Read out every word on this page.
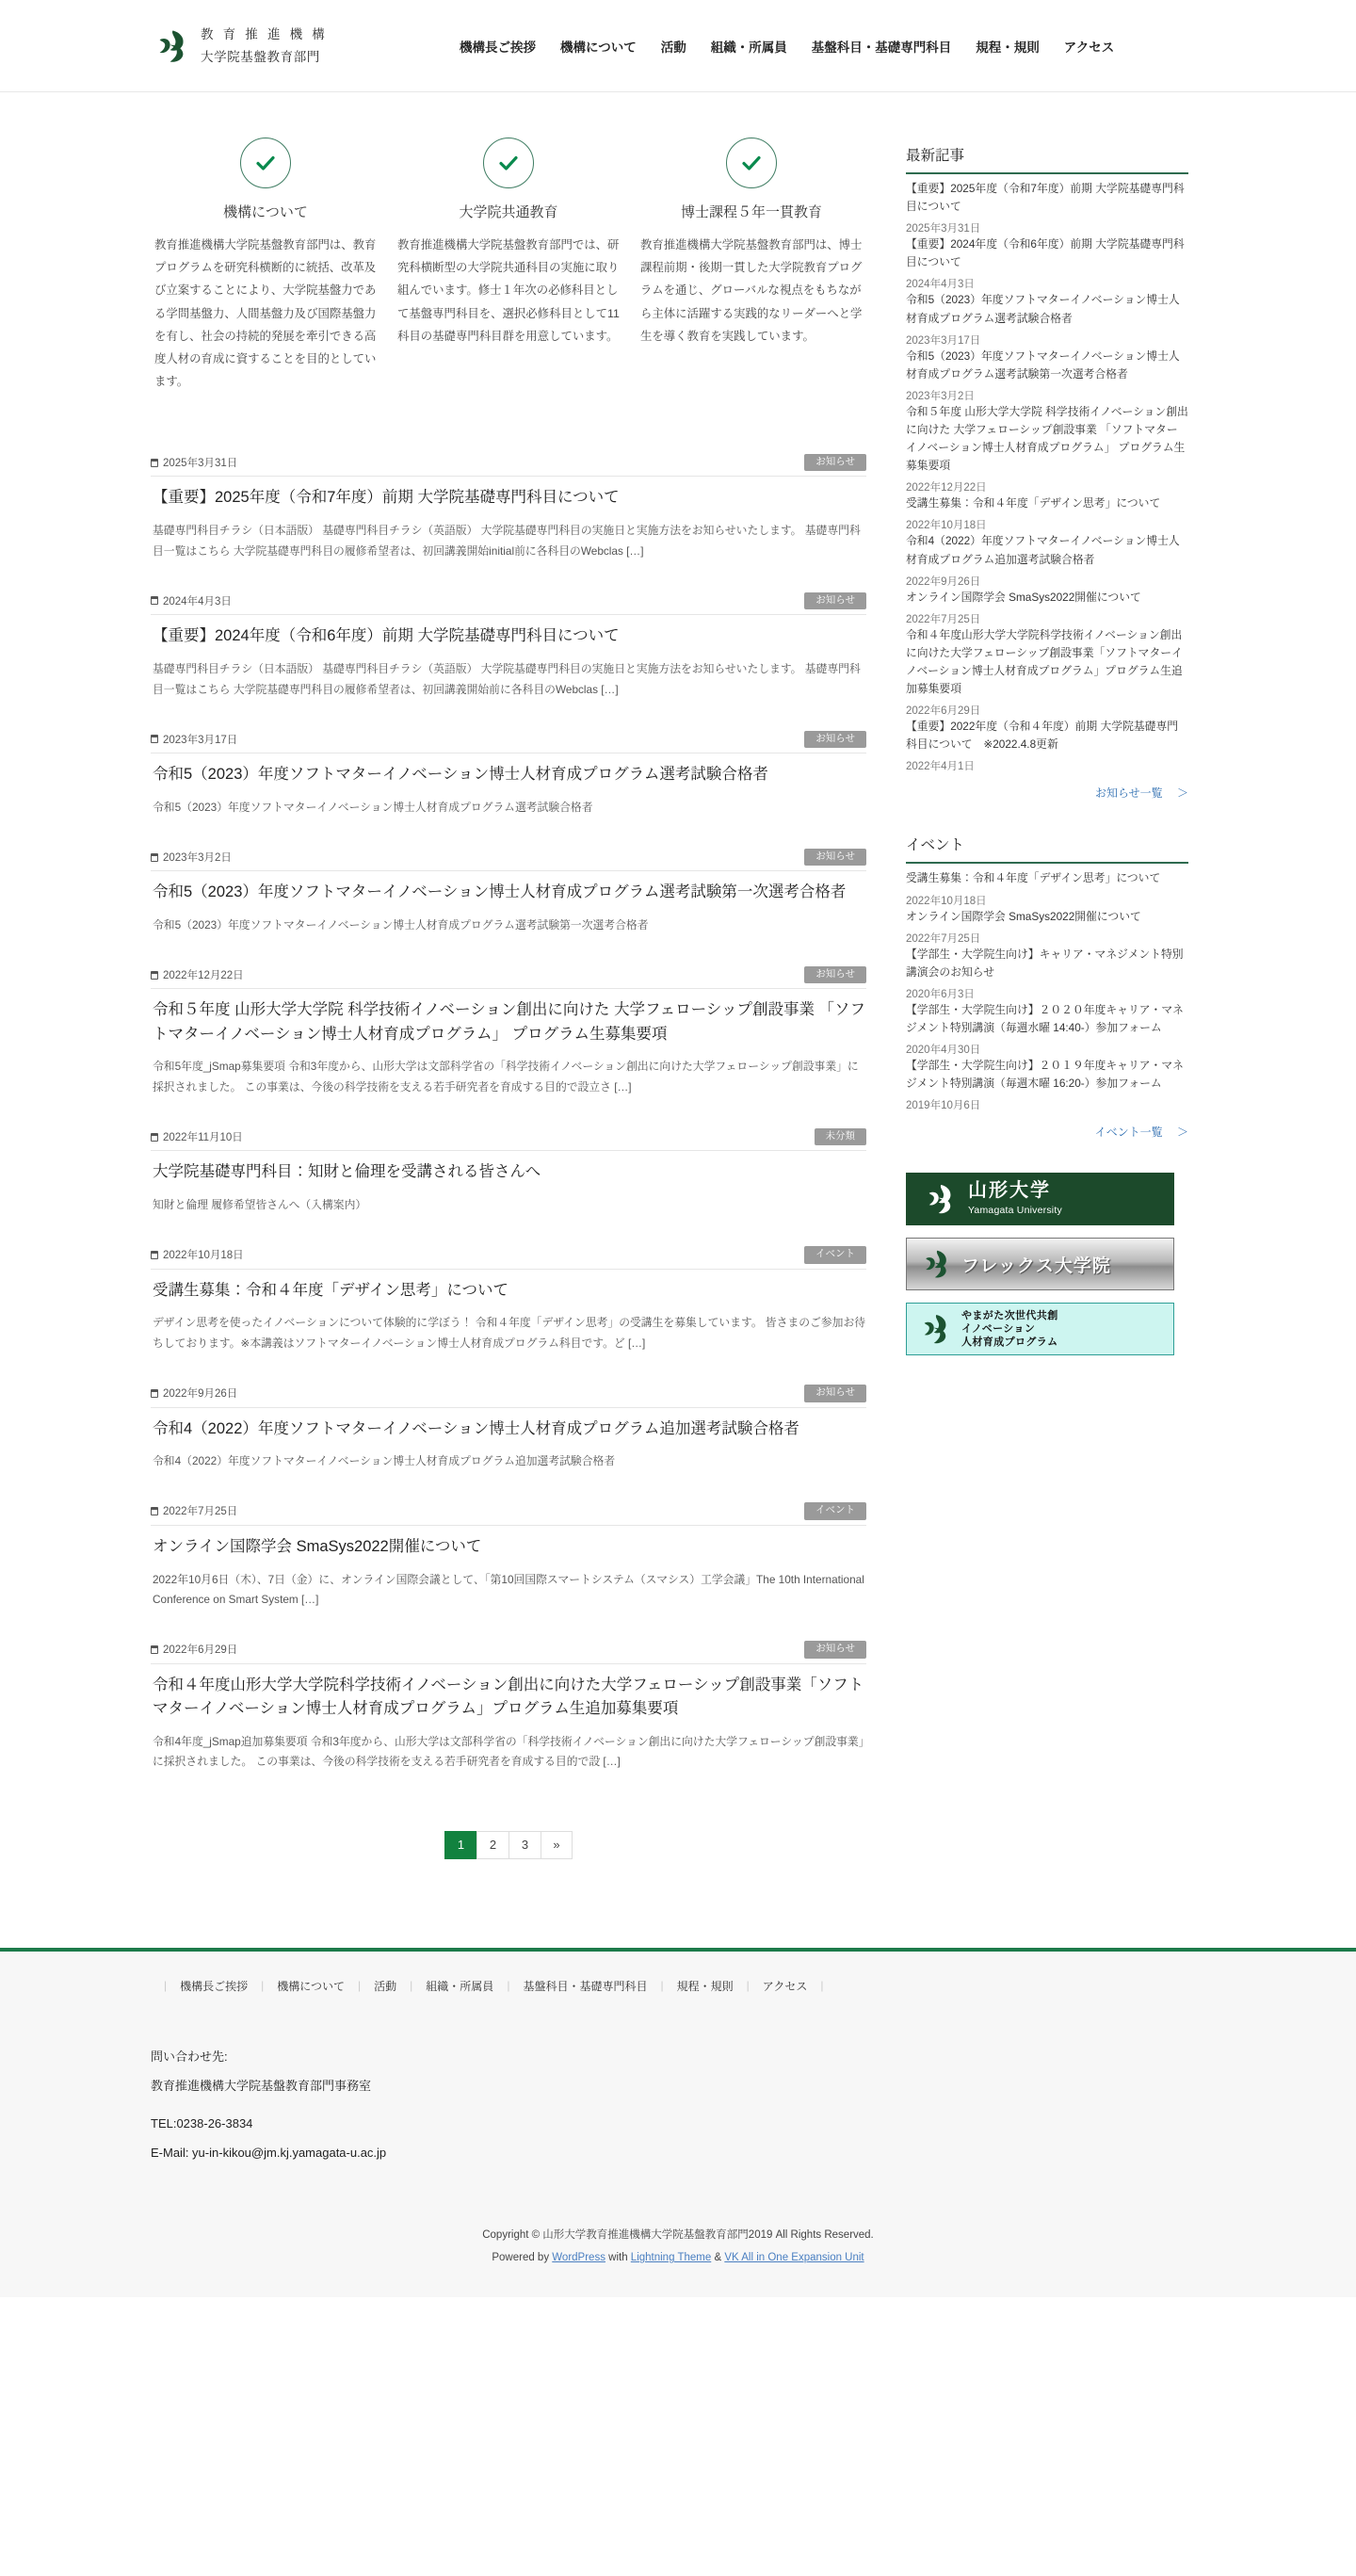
教 育 推 進 機 構
大学院基盤教育部門
機構長ご挨拶 機構について 活動 組織・所属員 基盤科目・基礎専門科目 規程・規則 アクセス
機構について

教育推進機構大学院基盤教育部門は、教育プログラムを研究科横断的に統括、改革及び立案することにより、大学院基盤力である学問基盤力、人間基盤力及び国際基盤力を有し、社会の持続的発展を牽引できる高度人材の育成に資することを目的としています。

大学院共通教育

教育推進機構大学院基盤教育部門では、研究科横断型の大学院共通科目の実施に取り組んでいます。修士１年次の必修科目として基盤専門科目を、選択必修科目として11科目の基礎専門科目群を用意しています。

博士課程５年一貫教育

教育推進機構大学院基盤教育部門は、博士課程前期・後期一貫した大学院教育プログラムを通じ、グローバルな視点をもちながら主体に活躍する実践的なリーダーへと学生を導く教育を実践しています。

2025年3月31日	お知らせ
【重要】2025年度（令和7年度）前期 大学院基礎専門科目について

基礎専門科目チラシ（日本語版） 基礎専門科目チラシ（英語版） 大学院基礎専門科目の実施日と実施方法をお知らせいたします。 基礎専門科目一覧はこちら 大学院基礎専門科目の履修希望者は、初回講義開始initial前に各科目のWebclas […]

2024年4月3日	お知らせ
【重要】2024年度（令和6年度）前期 大学院基礎専門科目について

基礎専門科目チラシ（日本語版） 基礎専門科目チラシ（英語版） 大学院基礎専門科目の実施日と実施方法をお知らせいたします。 基礎専門科目一覧はこちら 大学院基礎専門科目の履修希望者は、初回講義開始前に各科目のWebclas […]

2023年3月17日	お知らせ
令和5（2023）年度ソフトマターイノベーション博士人材育成プログラム選考試験合格者

令和5（2023）年度ソフトマターイノベーション博士人材育成プログラム選考試験合格者

2023年3月2日	お知らせ
令和5（2023）年度ソフトマターイノベーション博士人材育成プログラム選考試験第一次選考合格者

令和5（2023）年度ソフトマターイノベーション博士人材育成プログラム選考試験第一次選考合格者

2022年12月22日	お知らせ
令和５年度 山形大学大学院 科学技術イノベーション創出に向けた 大学フェローシップ創設事業 「ソフトマターイノベーション博士人材育成プログラム」 プログラム生募集要項

令和5年度_jSmap募集要項 令和3年度から、山形大学は文部科学省の「科学技術イノベーション創出に向けた大学フェローシップ創設事業」に採択されました。 この事業は、今後の科学技術を支える若手研究者を育成する目的で設立さ […]

2022年11月10日	未分類
大学院基礎専門科目：知財と倫理を受講される皆さんへ

知財と倫理 履修希望皆さんへ（入構案内）

2022年10月18日	イベント
受講生募集：令和４年度「デザイン思考」について

デザイン思考を使ったイノベーションについて体験的に学ぼう！ 令和４年度「デザイン思考」の受講生を募集しています。 皆さまのご参加お待ちしております。※本講義はソフトマターイノベーション博士人材育成プログラム科目です。ど […]

2022年9月26日	お知らせ
令和4（2022）年度ソフトマターイノベーション博士人材育成プログラム追加選考試験合格者

令和4（2022）年度ソフトマターイノベーション博士人材育成プログラム追加選考試験合格者

2022年7月25日	イベント
オンライン国際学会 SmaSys2022開催について

2022年10月6日（木）、7日（金）に、オンライン国際会議として、「第10回国際スマートシステム（スマシス）工学会議」The 10th International Conference on Smart System […]

2022年6月29日	お知らせ
令和４年度山形大学大学院科学技術イノベーション創出に向けた大学フェローシップ創設事業「ソフトマターイノベーション博士人材育成プログラム」プログラム生追加募集要項

令和4年度_jSmap追加募集要項 令和3年度から、山形大学は文部科学省の「科学技術イノベーション創出に向けた大学フェローシップ創設事業」に採択されました。 この事業は、今後の科学技術を支える若手研究者を育成する目的で設 […]

1	2	3	»
最新記事
【重要】2025年度（令和7年度）前期 大学院基礎専門科目について
2025年3月31日
【重要】2024年度（令和6年度）前期 大学院基礎専門科目について
2024年4月3日
令和5（2023）年度ソフトマターイノベーション博士人材育成プログラム選考試験合格者
2023年3月17日
令和5（2023）年度ソフトマターイノベーション博士人材育成プログラム選考試験第一次選考合格者
2023年3月2日
令和５年度 山形大学大学院 科学技術イノベーション創出に向けた 大学フェローシップ創設事業 「ソフトマターイノベーション博士人材育成プログラム」 プログラム生募集要項
2022年12月22日
受講生募集：令和４年度「デザイン思考」について
2022年10月18日
令和4（2022）年度ソフトマターイノベーション博士人材育成プログラム追加選考試験合格者
2022年9月26日
オンライン国際学会 SmaSys2022開催について
2022年7月25日
令和４年度山形大学大学院科学技術イノベーション創出に向けた大学フェローシップ創設事業「ソフトマターイノベーション博士人材育成プログラム」プログラム生追加募集要項
2022年6月29日
【重要】2022年度（令和４年度）前期 大学院基礎専門科目について　※2022.4.8更新
2022年4月1日
お知らせ一覧 ＞
イベント
受講生募集：令和４年度「デザイン思考」について
2022年10月18日
オンライン国際学会 SmaSys2022開催について
2022年7月25日
【学部生・大学院生向け】キャリア・マネジメント特別講演会のお知らせ
2020年6月3日
【学部生・大学院生向け】２０２０年度キャリア・マネジメント特別講演（毎週水曜 14:40-）参加フォーム
2020年4月30日
【学部生・大学院生向け】２０１９年度キャリア・マネジメント特別講演（毎週木曜 16:20-）参加フォーム
2019年10月6日
イベント一覧 ＞
山形大学
Yamagata University
フレックス大学院
やまがた次世代共創
イノベーション
人材育成プログラム
|	機構長ご挨拶	|	機構について	|	活動	|	組織・所属員	|	基盤科目・基礎専門科目	|	規程・規則	|	アクセス	|
問い合わせ先:
教育推進機構大学院基盤教育部門事務室
TEL:0238-26-3834
E-Mail: yu-in-kikou@jm.kj.yamagata-u.ac.jp
Copyright © 山形大学教育推進機構大学院基盤教育部門2019 All Rights Reserved.
Powered by WordPress with Lightning Theme & VK All in One Expansion Unit
